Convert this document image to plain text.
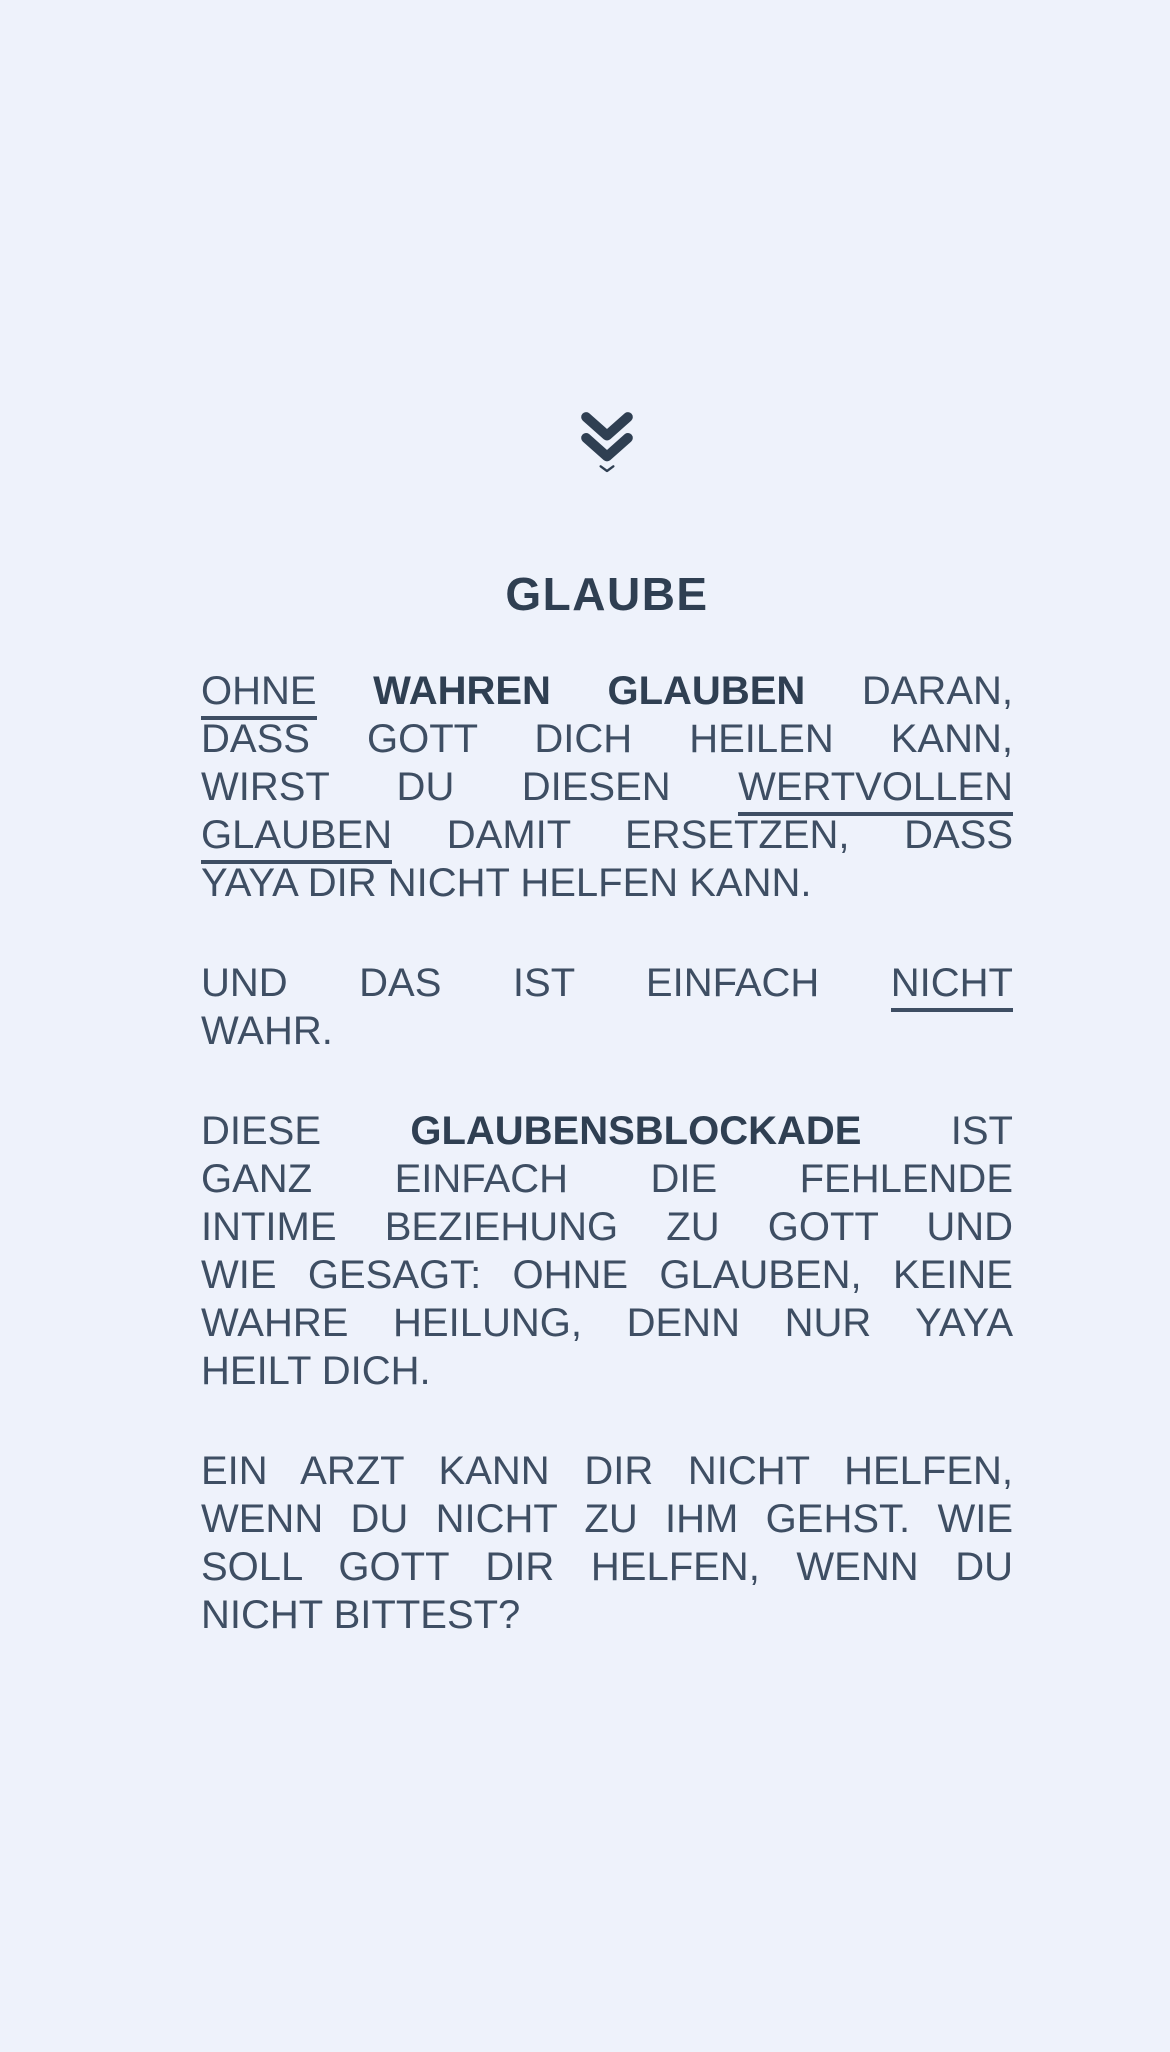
GLAUBE
OHNE WAHREN GLAUBEN DARAN,
DASS GOTT DICH HEILEN KANN,
WIRST DU DIESEN WERTVOLLEN
GLAUBEN DAMIT ERSETZEN, DASS
YAYA DIR NICHT HELFEN KANN.
UND DAS IST EINFACH NICHT
WAHR.
DIESE GLAUBENSBLOCKADE IST
GANZ EINFACH DIE FEHLENDE
INTIME BEZIEHUNG ZU GOTT UND
WIE GESAGT: OHNE GLAUBEN, KEINE
WAHRE HEILUNG, DENN NUR YAYA
HEILT DICH.
EIN ARZT KANN DIR NICHT HELFEN,
WENN DU NICHT ZU IHM GEHST. WIE
SOLL GOTT DIR HELFEN, WENN DU
NICHT BITTEST?
